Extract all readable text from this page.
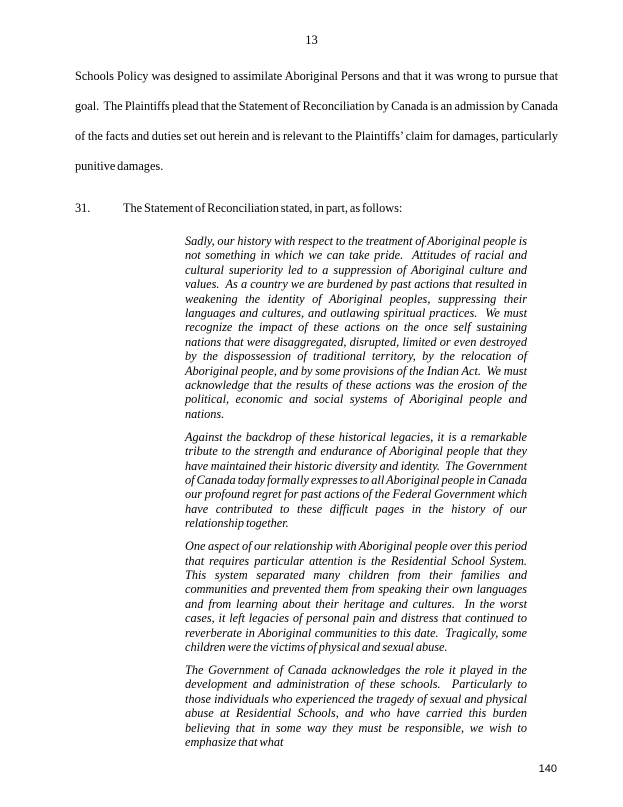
13
Schools Policy was designed to assimilate Aboriginal Persons and that it was wrong to pursue that goal.  The Plaintiffs plead that the Statement of Reconciliation by Canada is an admission by Canada of the facts and duties set out herein and is relevant to the Plaintiffs’ claim for damages, particularly punitive damages.
31.	The Statement of Reconciliation stated, in part, as follows:

Sadly, our history with respect to the treatment of Aboriginal people is not something in which we can take pride.  Attitudes of racial and cultural superiority led to a suppression of Aboriginal culture and values.  As a country we are burdened by past actions that resulted in weakening the identity of Aboriginal peoples, suppressing their languages and cultures, and outlawing spiritual practices.  We must recognize the impact of these actions on the once self sustaining nations that were disaggregated, disrupted, limited or even destroyed by the dispossession of traditional territory, by the relocation of Aboriginal people, and by some provisions of the Indian Act.  We must acknowledge that the results of these actions was the erosion of the political, economic and social systems of Aboriginal people and nations.

Against the backdrop of these historical legacies, it is a remarkable tribute to the strength and endurance of Aboriginal people that they have maintained their historic diversity and identity.  The Government of Canada today formally expresses to all Aboriginal people in Canada our profound regret for past actions of the Federal Government which have contributed to these difficult pages in the history of our relationship together.

One aspect of our relationship with Aboriginal people over this period that requires particular attention is the Residential School System.  This system separated many children from their families and communities and prevented them from speaking their own languages and from learning about their heritage and cultures.  In the worst cases, it left legacies of personal pain and distress that continued to reverberate in Aboriginal communities to this date.  Tragically, some children were the victims of physical and sexual abuse.

The Government of Canada acknowledges the role it played in the development and administration of these schools.  Particularly to those individuals who experienced the tragedy of sexual and physical abuse at Residential Schools, and who have carried this burden believing that in some way they must be responsible, we wish to emphasize that what

140
